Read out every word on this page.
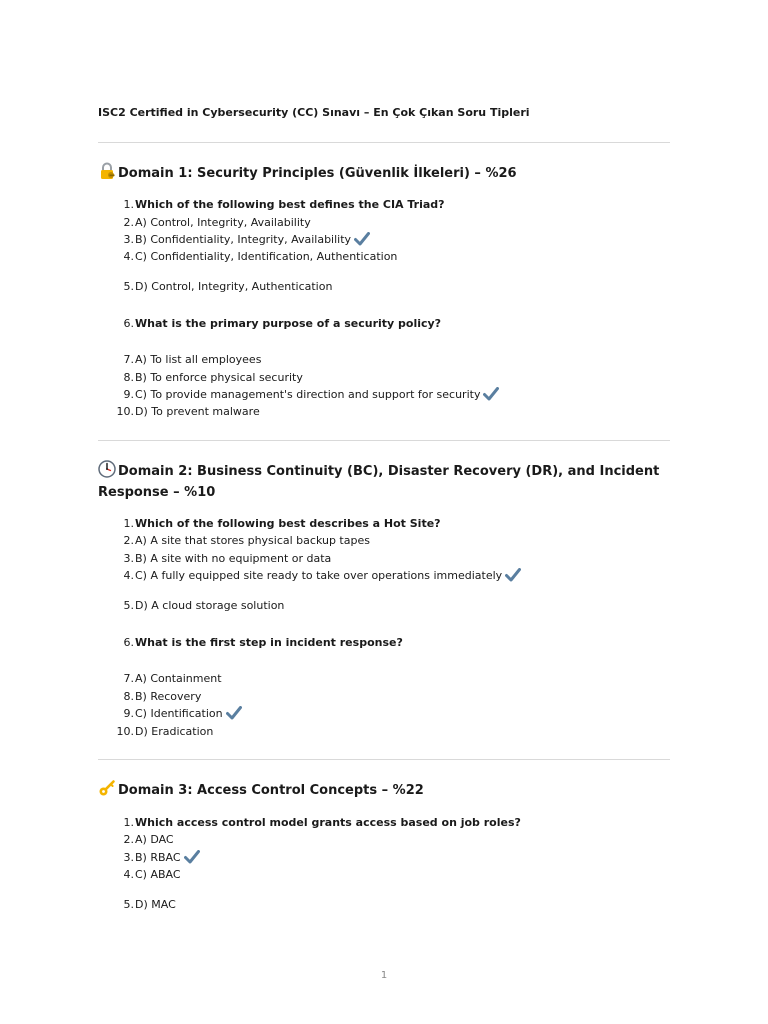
ISC2 Certified in Cybersecurity (CC) Sınavı – En Çok Çıkan Soru Tipleri
Domain 1: Security Principles (Güvenlik İlkeleri) – %26
1.Which of the following best defines the CIA Triad?
2.A) Control, Integrity, Availability
3.B) Confidentiality, Integrity, Availability
4.C) Confidentiality, Identification, Authentication
5.D) Control, Integrity, Authentication
6.What is the primary purpose of a security policy?
7.A) To list all employees
8.B) To enforce physical security
9.C) To provide management's direction and support for security
10.D) To prevent malware
Domain 2: Business Continuity (BC), Disaster Recovery (DR), and Incident Response – %10
1.Which of the following best describes a Hot Site?
2.A) A site that stores physical backup tapes
3.B) A site with no equipment or data
4.C) A fully equipped site ready to take over operations immediately
5.D) A cloud storage solution
6.What is the first step in incident response?
7.A) Containment
8.B) Recovery
9.C) Identification
10.D) Eradication
Domain 3: Access Control Concepts – %22
1.Which access control model grants access based on job roles?
2.A) DAC
3.B) RBAC
4.C) ABAC
5.D) MAC
1
